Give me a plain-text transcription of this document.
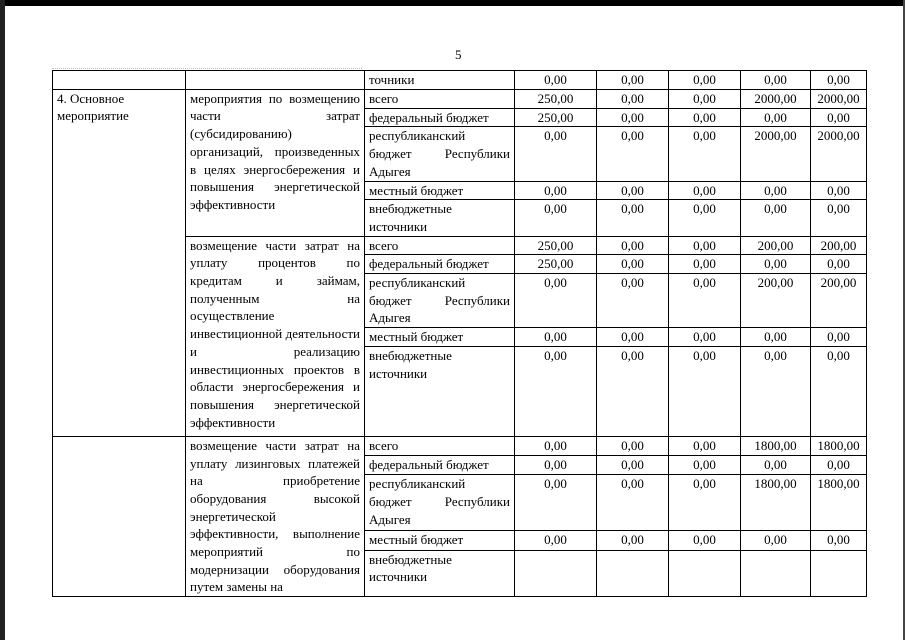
5
		точники	0,00	0,00	0,00	0,00	0,00
4. Основное мероприятие	мероприятия по возмещению части затрат (субсидированию) организаций, произведенных в целях энергосбережения и повышения энергетической эффективности	всего	250,00	0,00	0,00	2000,00	2000,00
		федеральный бюджет	250,00	0,00	0,00	0,00	0,00
		республиканский бюджет Республики Адыгея	0,00	0,00	0,00	2000,00	2000,00
		местный бюджет	0,00	0,00	0,00	0,00	0,00
		внебюджетные источники	0,00	0,00	0,00	0,00	0,00
	возмещение части затрат на уплату процентов по кредитам и займам, полученным на осуществление инвестиционной деятельности и реализацию инвестиционных проектов в области энергосбережения и повышения энергетической эффективности	всего	250,00	0,00	0,00	200,00	200,00
		федеральный бюджет	250,00	0,00	0,00	0,00	0,00
		республиканский бюджет Республики Адыгея	0,00	0,00	0,00	200,00	200,00
		местный бюджет	0,00	0,00	0,00	0,00	0,00
		внебюджетные источники	0,00	0,00	0,00	0,00	0,00
	возмещение части затрат на уплату лизинговых платежей на приобретение оборудования высокой энергетической эффективности, выполнение мероприятий по модернизации оборудования путем замены на	всего	0,00	0,00	0,00	1800,00	1800,00
		федеральный бюджет	0,00	0,00	0,00	0,00	0,00
		республиканский бюджет Республики Адыгея	0,00	0,00	0,00	1800,00	1800,00
		местный бюджет	0,00	0,00	0,00	0,00	0,00
		внебюджетные источники					
